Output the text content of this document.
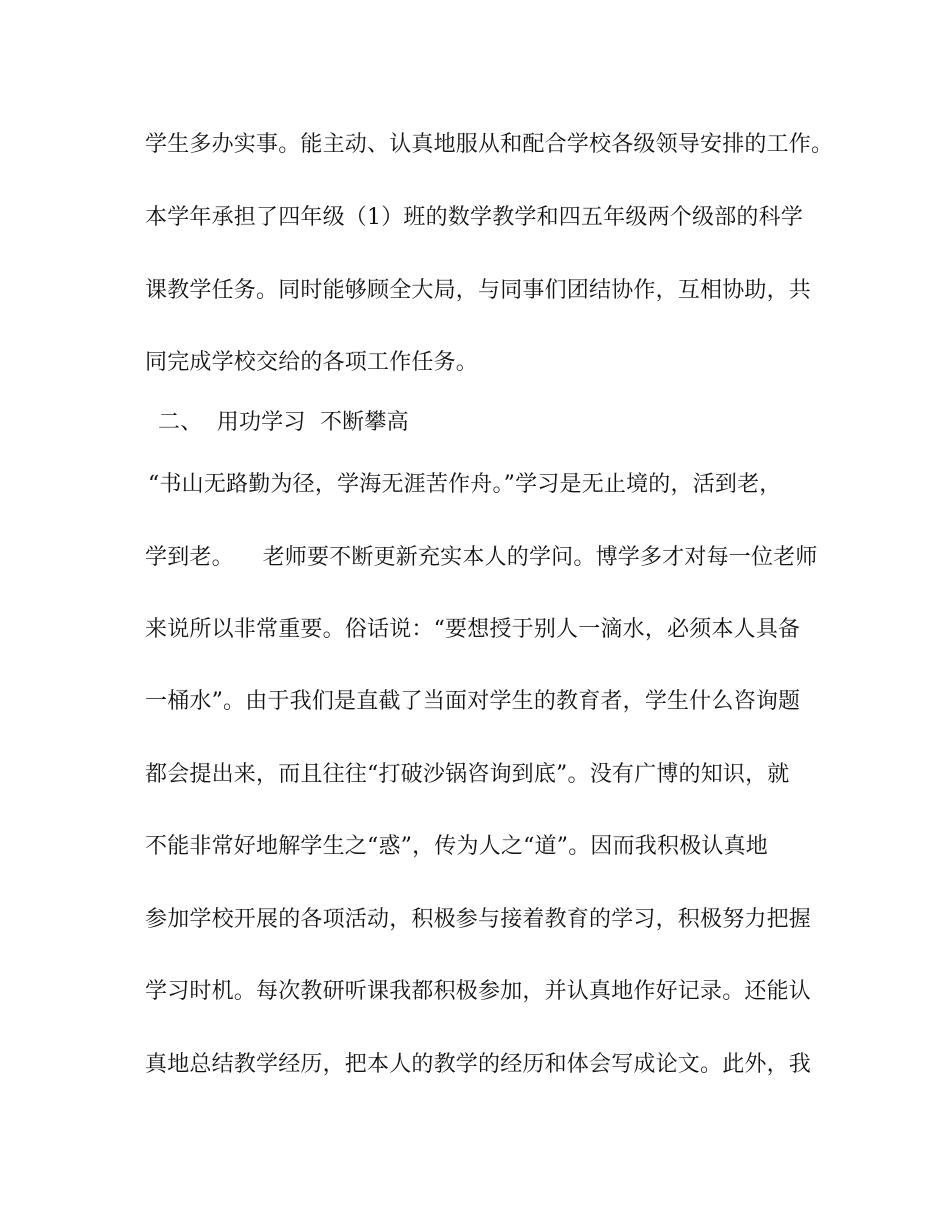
学生多办实事。能主动、认真地服从和配合学校各级领导安排的工作。
本学年承担了四年级（1）班的数学教学和四五年级两个级部的科学
课教学任务。同时能够顾全大局，与同事们团结协作，互相协助，共
同完成学校交给的各项工作任务。
二、  用功学习  不断攀高
“书山无路勤为径，学海无涯苦作舟。”学习是无止境的，活到老，
学到老。    老师要不断更新充实本人的学问。博学多才对每一位老师
来说所以非常重要。俗话说：“要想授于别人一滴水，必须本人具备
一桶水”。由于我们是直截了当面对学生的教育者，学生什么咨询题
都会提出来，而且往往“打破沙锅咨询到底”。没有广博的知识，就
不能非常好地解学生之“惑”，传为人之“道”。因而我积极认真地
参加学校开展的各项活动，积极参与接着教育的学习，积极努力把握
学习时机。每次教研听课我都积极参加，并认真地作好记录。还能认
真地总结教学经历，把本人的教学的经历和体会写成论文。此外，我
